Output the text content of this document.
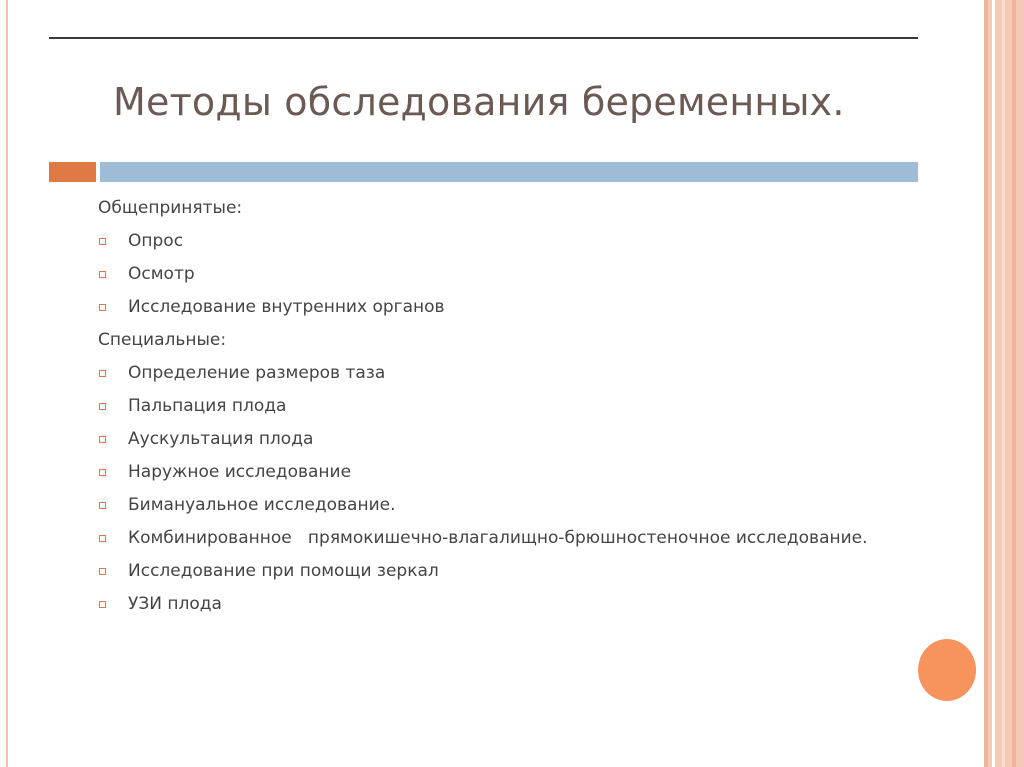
Методы обследования беременных.
Общепринятые:
Опрос
Осмотр
Исследование внутренних органов
Специальные:
Определение размеров таза
Пальпация плода
Аускультация плода
Наружное исследование
Бимануальное исследование.
Комбинированное   прямокишечно-влагалищно-брюшностеночное исследование.
Исследование при помощи зеркал
УЗИ плода
